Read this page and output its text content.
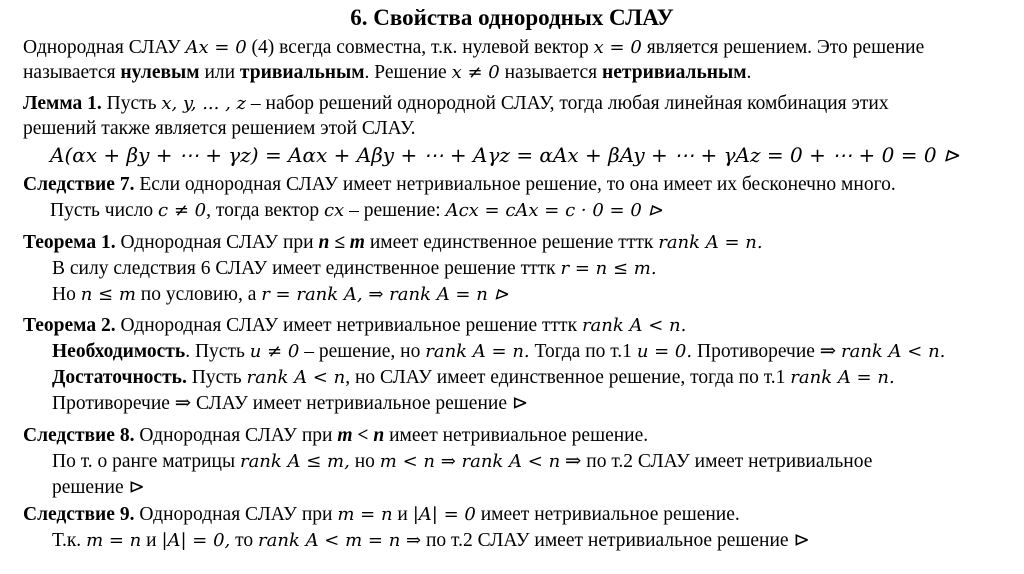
6. Свойства однородных СЛАУ
Однородная СЛАУ Ax = 0 (4) всегда совместна, т.к. нулевой вектор x = 0 является решением. Это решение
называется нулевым или тривиальным. Решение x ≠ 0 называется нетривиальным.
Лемма 1. Пусть x, y, ... , z – набор решений однородной СЛАУ, тогда любая линейная комбинация этих
решений также является решением этой СЛАУ.
A(αx + βy + ⋯ + γz) = Aαx + Aβy + ⋯ + Aγz = αAx + βAy + ⋯ + γAz = 0 + ⋯ + 0 = 0 ⊳
Следствие 7. Если однородная СЛАУ имеет нетривиальное решение, то она имеет их бесконечно много.
Пусть число c ≠ 0, тогда вектор cx – решение: Acx = cAx = c · 0 = 0 ⊳
Теорема 1. Однородная СЛАУ при n ≤ m имеет единственное решение тттк rank A = n.
В силу следствия 6 СЛАУ имеет единственное решение тттк r = n ≤ m.
Но n ≤ m по условию, а r = rank A, ⇒ rank A = n ⊳
Теорема 2. Однородная СЛАУ имеет нетривиальное решение тттк rank A < n.
Необходимость. Пусть u ≠ 0 – решение, но rank A = n. Тогда по т.1 u = 0. Противоречие ⇒ rank A < n.
Достаточность. Пусть rank A < n, но СЛАУ имеет единственное решение, тогда по т.1 rank A = n.
Противоречие ⇒ СЛАУ имеет нетривиальное решение ⊳
Следствие 8. Однородная СЛАУ при m < n имеет нетривиальное решение.
По т. о ранге матрицы rank A ≤ m, но m < n ⇒ rank A < n ⇒ по т.2 СЛАУ имеет нетривиальное
решение ⊳
Следствие 9. Однородная СЛАУ при m = n и |A| = 0 имеет нетривиальное решение.
Т.к. m = n и |A| = 0, то rank A < m = n ⇒ по т.2 СЛАУ имеет нетривиальное решение ⊳
